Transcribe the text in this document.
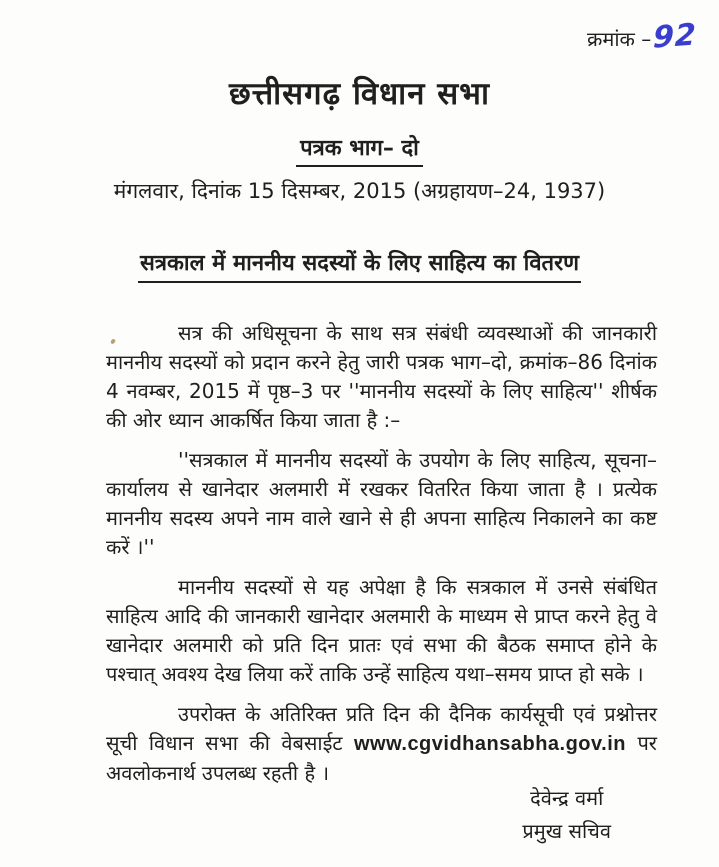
क्रमांक –92
छत्तीसगढ़ विधान सभा
पत्रक भाग– दो
मंगलवार, दिनांक 15 दिसम्बर, 2015 (अग्रहायण–24, 1937)
सत्रकाल में माननीय सदस्यों के लिए साहित्य का वितरण

सत्र की अधिसूचना के साथ सत्र संबंधी व्यवस्थाओं की जानकारी माननीय सदस्यों को प्रदान करने हेतु जारी पत्रक भाग–दो, क्रमांक–86 दिनांक 4 नवम्बर, 2015 में पृष्ठ–3 पर ''माननीय सदस्यों के लिए साहित्य'' शीर्षक की ओर ध्यान आकर्षित किया जाता है :–

''सत्रकाल में माननीय सदस्यों के उपयोग के लिए साहित्य, सूचना–कार्यालय से खानेदार अलमारी में रखकर वितरित किया जाता है । प्रत्येक माननीय सदस्य अपने नाम वाले खाने से ही अपना साहित्य निकालने का कष्ट करें ।''

माननीय सदस्यों से यह अपेक्षा है कि सत्रकाल में उनसे संबंधित साहित्य आदि की जानकारी खानेदार अलमारी के माध्यम से प्राप्त करने हेतु वे खानेदार अलमारी को प्रति दिन प्रातः एवं सभा की बैठक समाप्त होने के पश्चात् अवश्य देख लिया करें ताकि उन्हें साहित्य यथा–समय प्राप्त हो सके ।

उपरोक्त के अतिरिक्त प्रति दिन की दैनिक कार्यसूची एवं प्रश्नोत्तर सूची विधान सभा की वेबसाईट www.cgvidhansabha.gov.in पर अवलोकनार्थ उपलब्ध रहती है ।

देवेन्द्र वर्मा
प्रमुख सचिव
